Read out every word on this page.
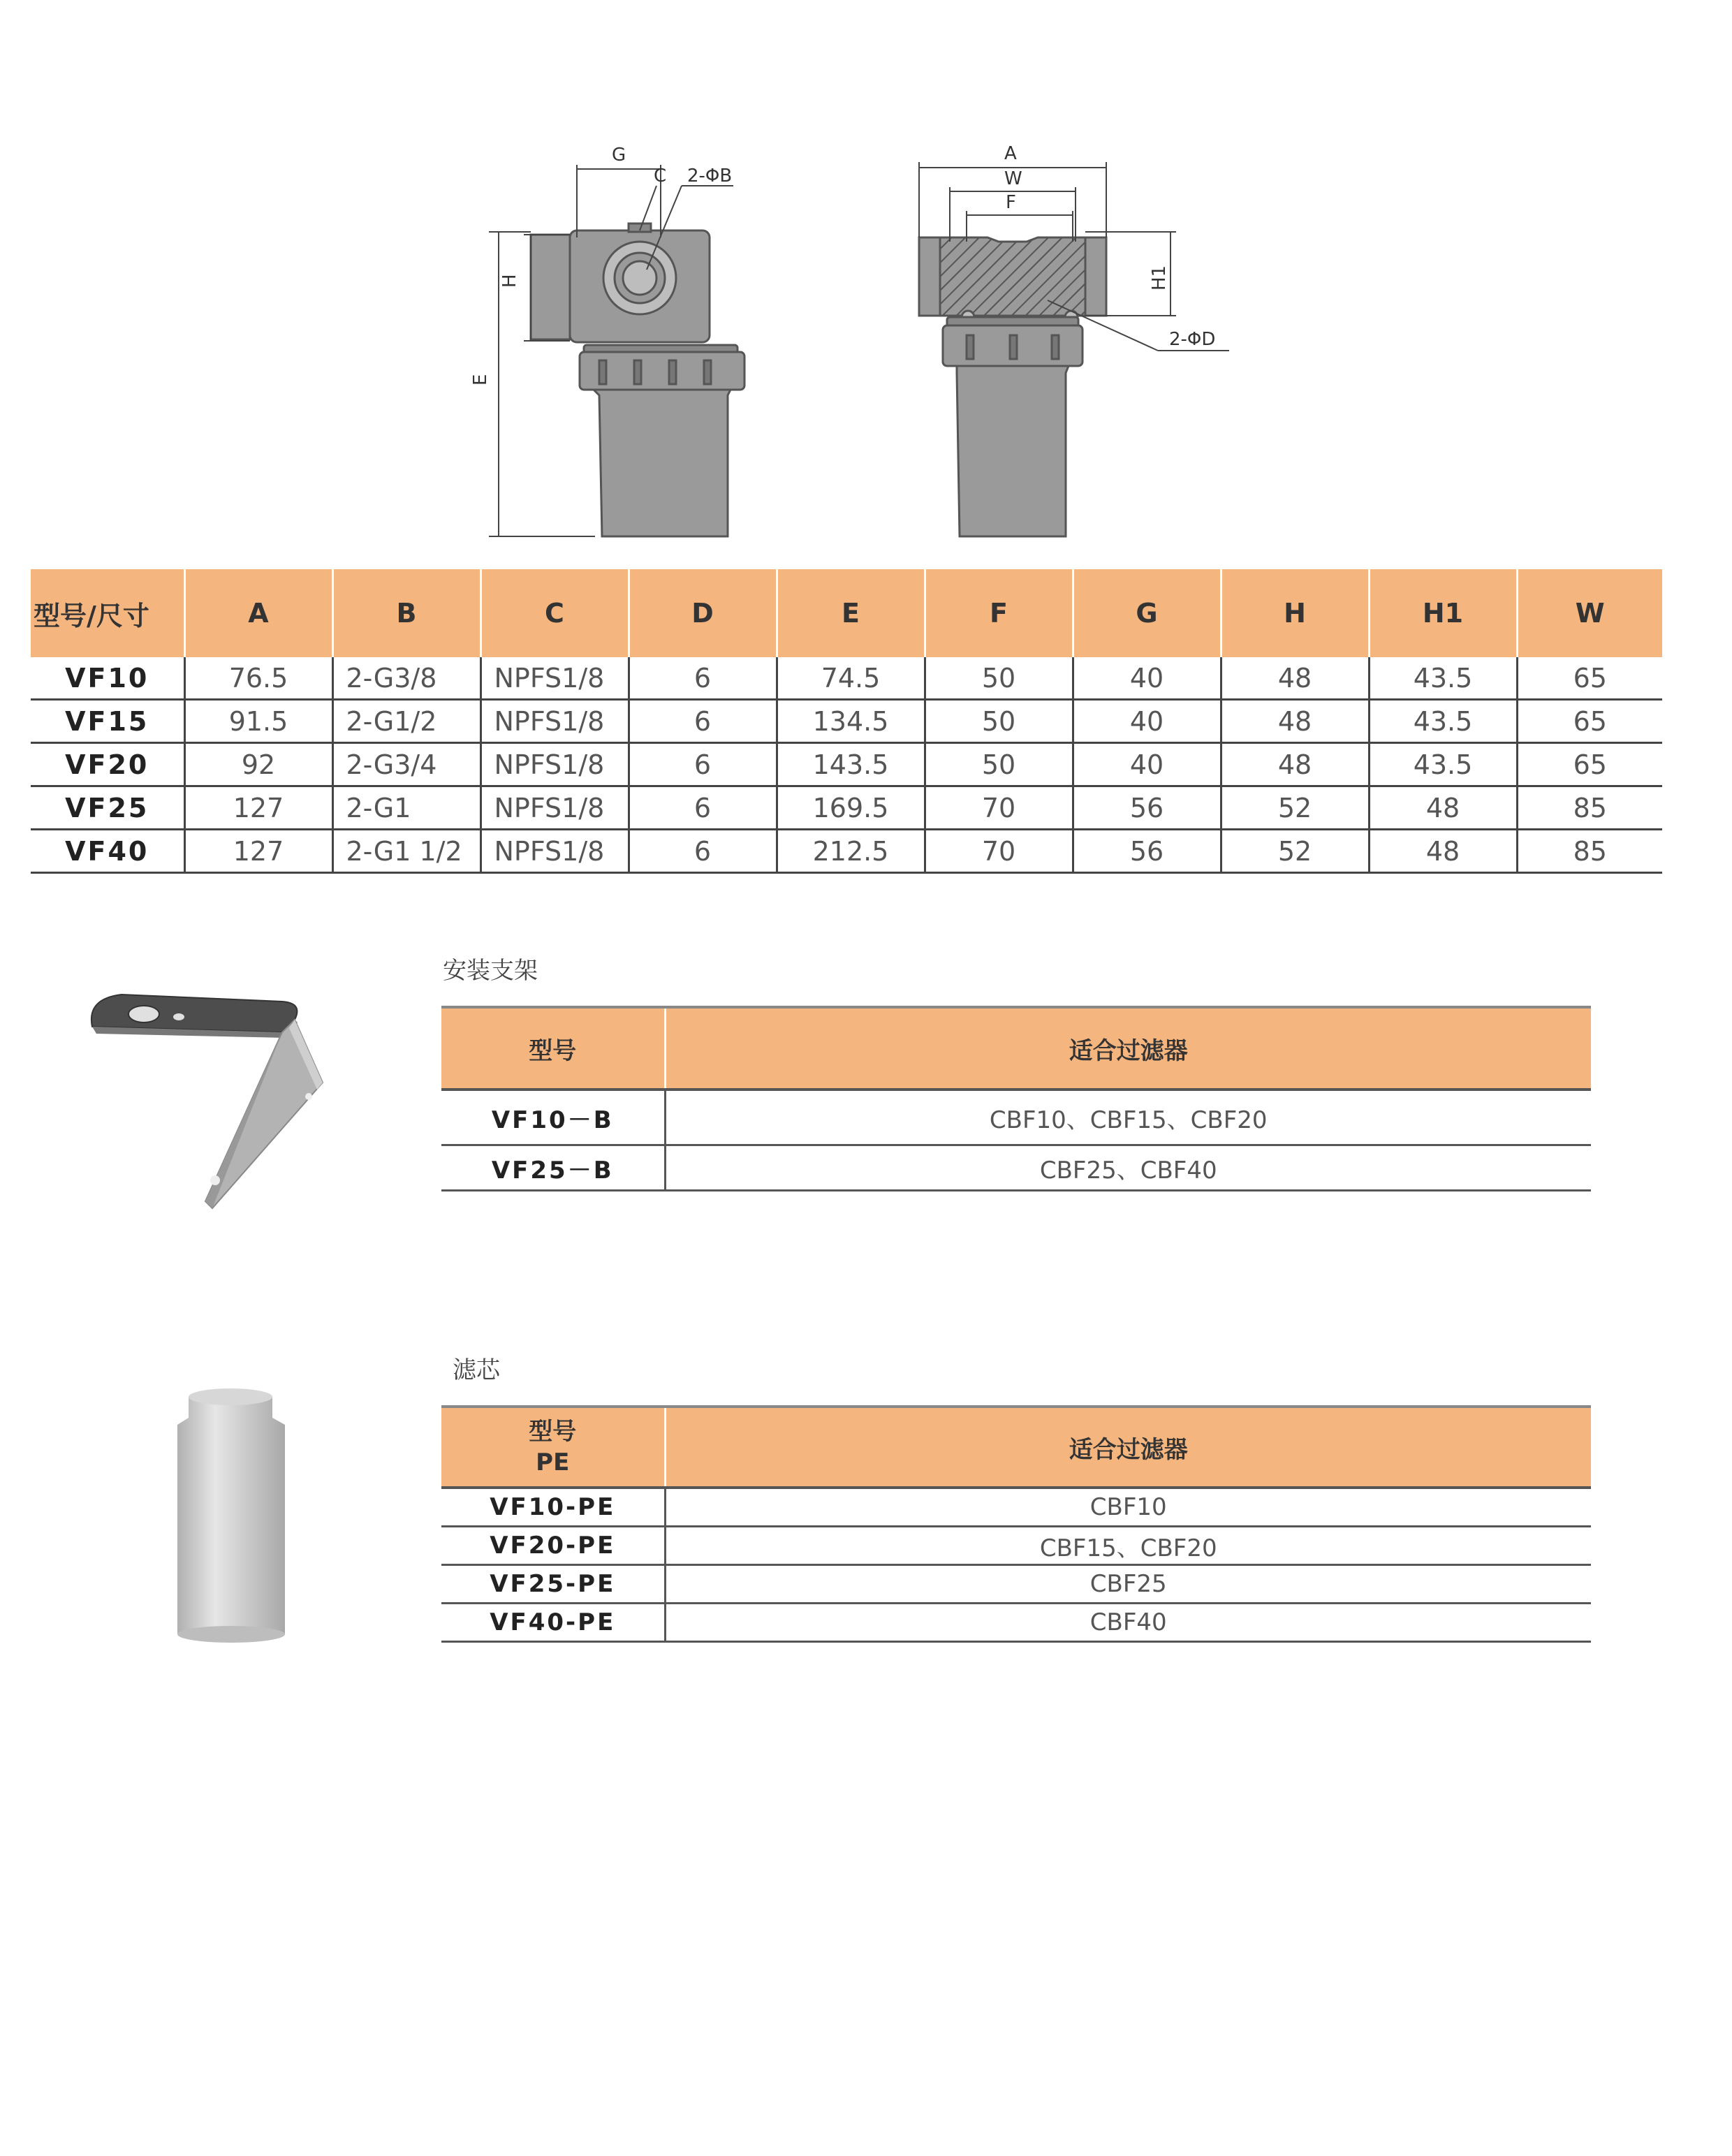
G
C 2-ΦB
H
E
A
W
F
H1
2-ΦD
型号/尺寸	A	B	C	D	E	F	G	H	H1	W
VF10	76.5	2-G3/8	NPFS1/8	6	74.5	50	40	48	43.5	65
VF15	91.5	2-G1/2	NPFS1/8	6	134.5	50	40	48	43.5	65
VF20	92	2-G3/4	NPFS1/8	6	143.5	50	40	48	43.5	65
VF25	127	2-G1	NPFS1/8	6	169.5	70	56	52	48	85
VF40	127	2-G1 1/2	NPFS1/8	6	212.5	70	56	52	48	85
安装支架
型号	适合过滤器
VF10－B	CBF10、CBF15、CBF20
VF25－B	CBF25、CBF40
滤芯
型号
PE	适合过滤器
VF10-PE	CBF10
VF20-PE	CBF15、CBF20
VF25-PE	CBF25
VF40-PE	CBF40
